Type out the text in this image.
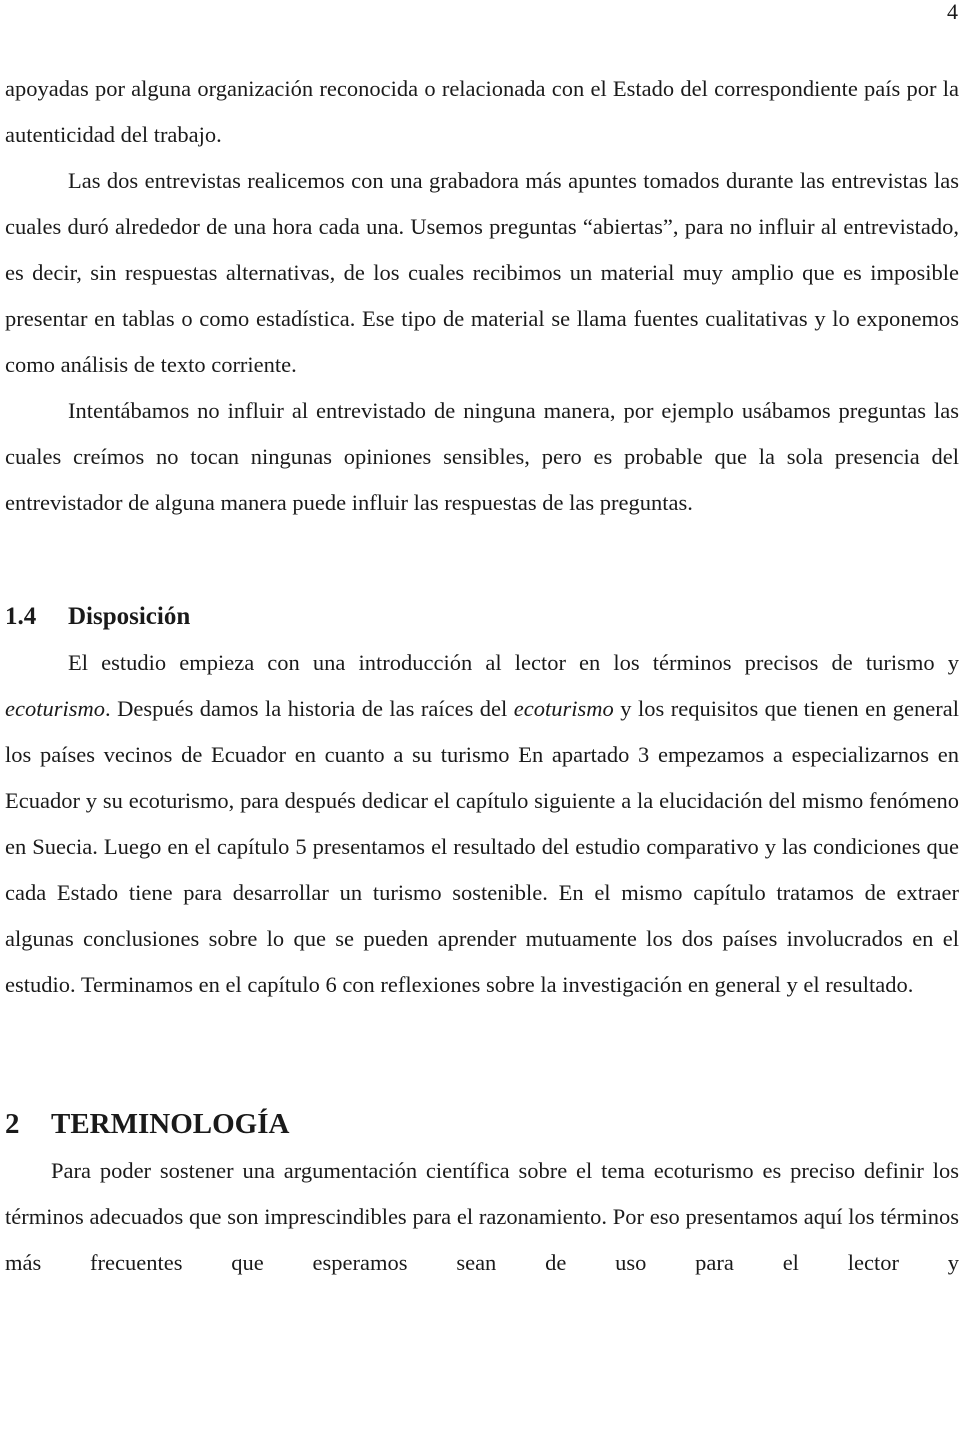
4

apoyadas por alguna organización reconocida o relacionada con el Estado del correspondiente país por la autenticidad del trabajo.

Las dos entrevistas realicemos con una grabadora más apuntes tomados durante las entrevistas las cuales duró alrededor de una hora cada una. Usemos preguntas “abiertas”, para no influir al entrevistado, es decir, sin respuestas alternativas, de los cuales recibimos un material muy amplio que es imposible presentar en tablas o como estadística. Ese tipo de material se llama fuentes cualitativas y lo exponemos como análisis de texto corriente.

Intentábamos no influir al entrevistado de ninguna manera, por ejemplo usábamos preguntas las cuales creímos no tocan ningunas opiniones sensibles, pero es probable que la sola presencia del entrevistador de alguna manera puede influir las respuestas de las preguntas.

1.4 Disposición

El estudio empieza con una introducción al lector en los términos precisos de turismo y ecoturismo. Después damos la historia de las raíces del ecoturismo y los requisitos que tienen en general los países vecinos de Ecuador en cuanto a su turismo En apartado 3 empezamos a especializarnos en Ecuador y su ecoturismo, para después dedicar el capítulo siguiente a la elucidación del mismo fenómeno en Suecia. Luego en el capítulo 5 presentamos el resultado del estudio comparativo y las condiciones que cada Estado tiene para desarrollar un turismo sostenible. En el mismo capítulo tratamos de extraer algunas conclusiones sobre lo que se pueden aprender mutuamente los dos países involucrados en el estudio. Terminamos en el capítulo 6 con reflexiones sobre la investigación en general y el resultado.

2 TERMINOLOGÍA

Para poder sostener una argumentación científica sobre el tema ecoturismo es preciso definir los términos adecuados que son imprescindibles para el razonamiento. Por eso presentamos aquí los términos más frecuentes que esperamos sean de uso para el lector y
